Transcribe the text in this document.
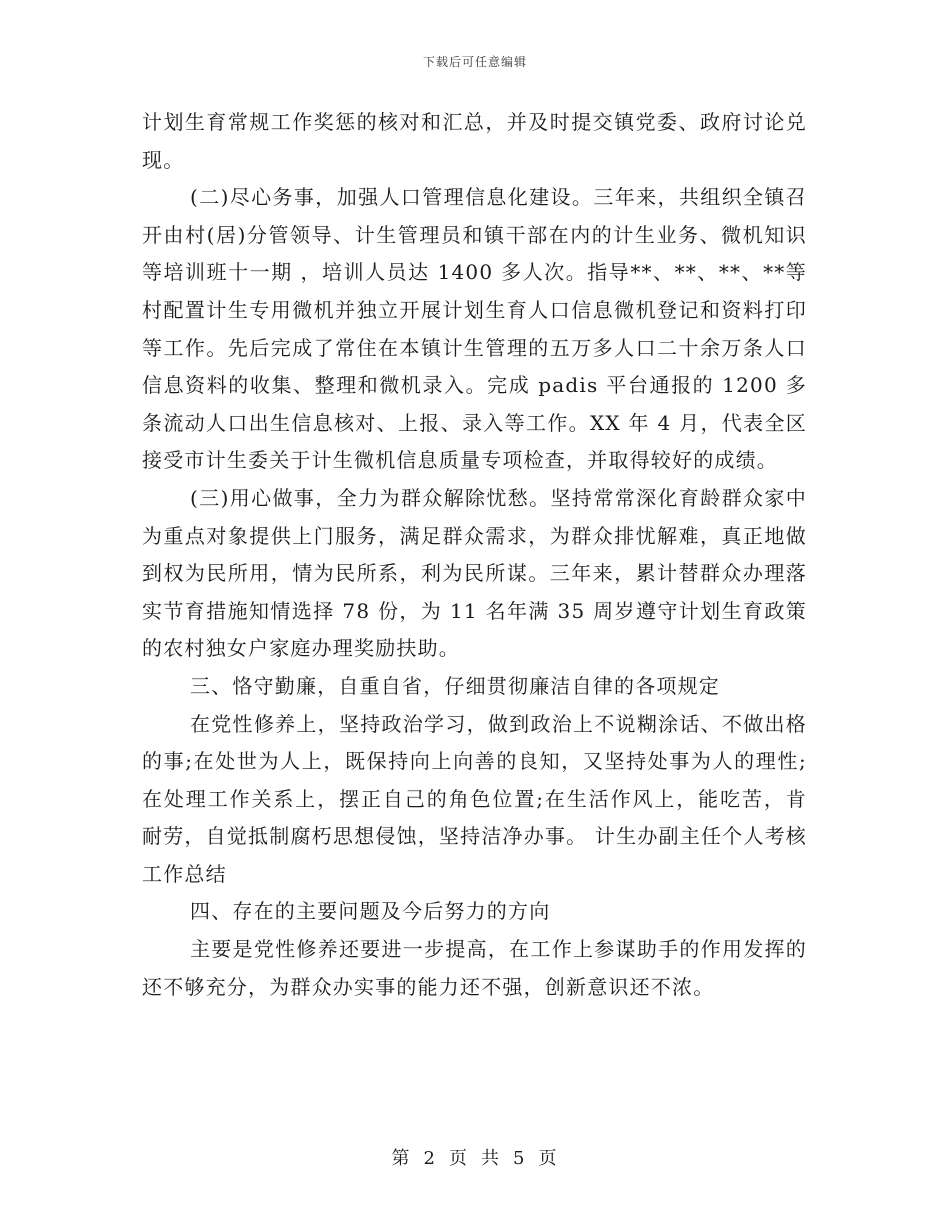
下载后可任意编辑

计划生育常规工作奖惩的核对和汇总，并及时提交镇党委、政府讨论兑现。

(二)尽心务事，加强人口管理信息化建设。三年来，共组织全镇召开由村(居)分管领导、计生管理员和镇干部在内的计生业务、微机知识等培训班十一期 ，培训人员达 1400 多人次。指导**、**、**、**等村配置计生专用微机并独立开展计划生育人口信息微机登记和资料打印等工作。先后完成了常住在本镇计生管理的五万多人口二十余万条人口信息资料的收集、整理和微机录入。完成 padis 平台通报的 1200 多条流动人口出生信息核对、上报、录入等工作。XX 年 4 月，代表全区接受市计生委关于计生微机信息质量专项检查，并取得较好的成绩。

(三)用心做事，全力为群众解除忧愁。坚持常常深化育龄群众家中为重点对象提供上门服务，满足群众需求，为群众排忧解难，真正地做到权为民所用，情为民所系，利为民所谋。三年来，累计替群众办理落实节育措施知情选择 78 份，为 11 名年满 35 周岁遵守计划生育政策的农村独女户家庭办理奖励扶助。

三、恪守勤廉，自重自省，仔细贯彻廉洁自律的各项规定

在党性修养上，坚持政治学习，做到政治上不说糊涂话、不做出格的事;在处世为人上，既保持向上向善的良知，又坚持处事为人的理性;在处理工作关系上，摆正自己的角色位置;在生活作风上，能吃苦，肯耐劳，自觉抵制腐朽思想侵蚀，坚持洁净办事。 计生办副主任个人考核工作总结

四、存在的主要问题及今后努力的方向

主要是党性修养还要进一步提高，在工作上参谋助手的作用发挥的还不够充分，为群众办实事的能力还不强，创新意识还不浓。

第 2 页 共 5 页
